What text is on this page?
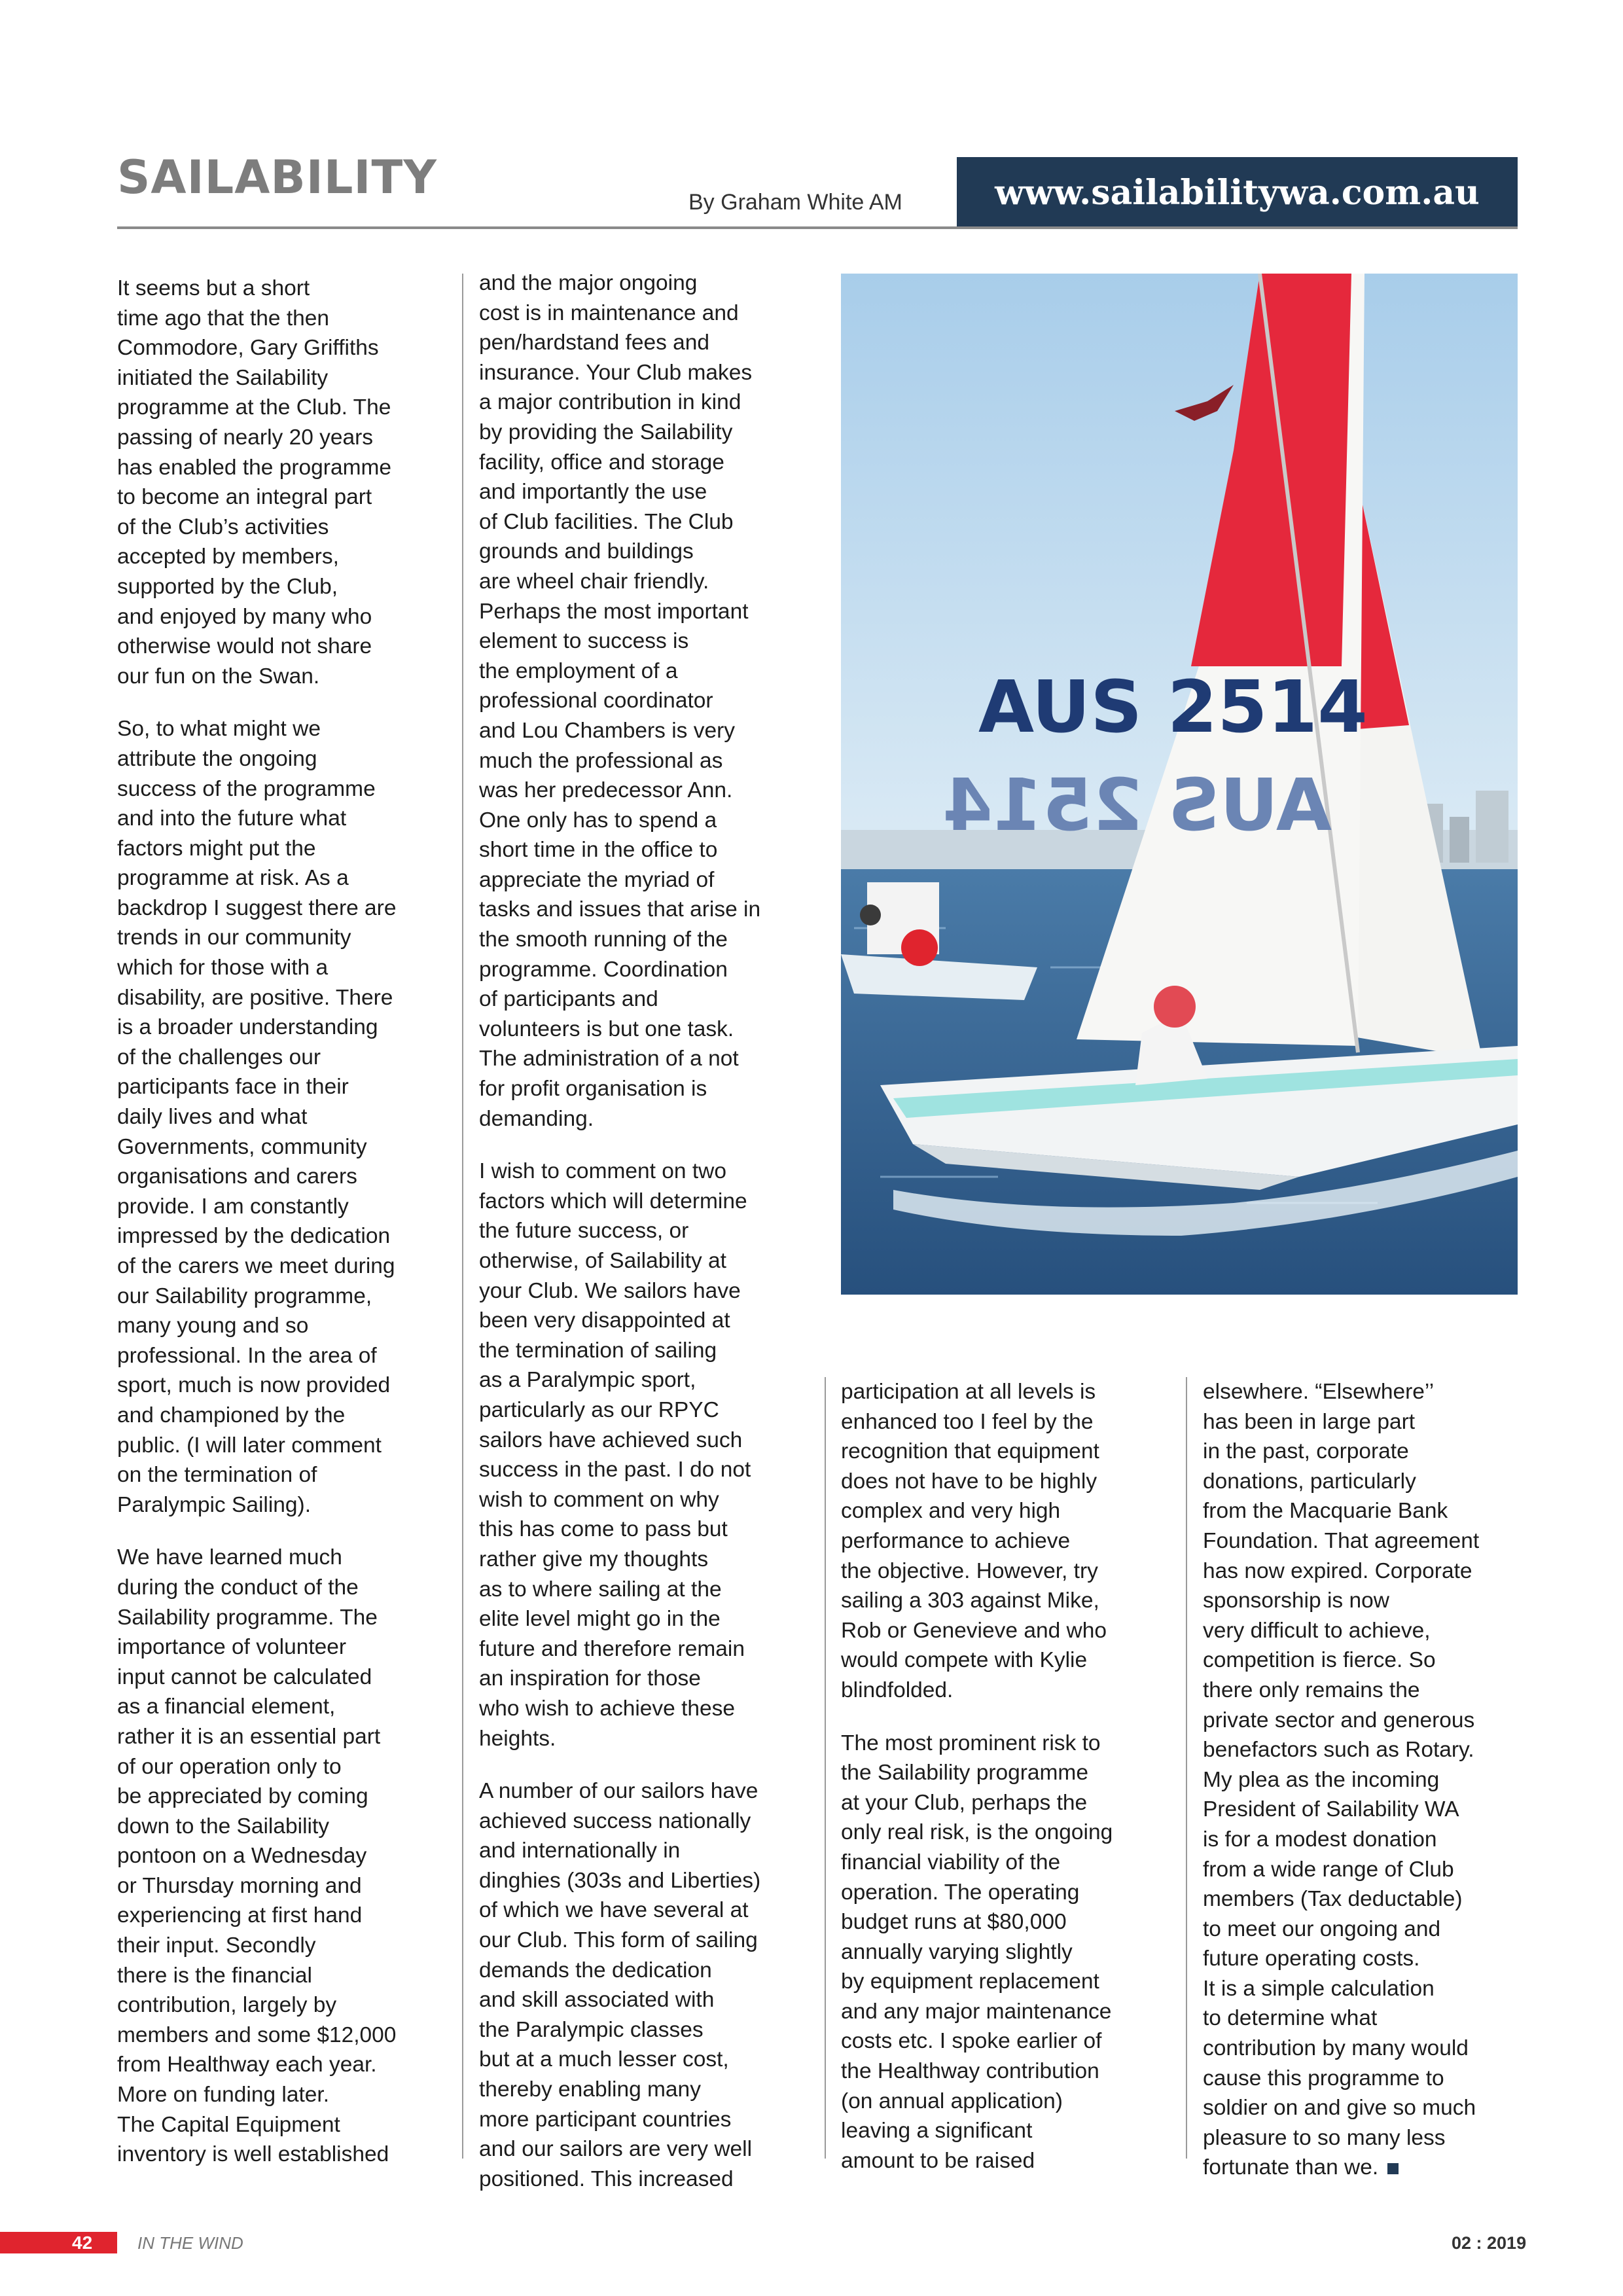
SAILABILITY	By Graham White AM	www.sailabilitywa.com.au

It seems but a short
time ago that the then
Commodore, Gary Griffiths
initiated the Sailability
programme at the Club. The
passing of nearly 20 years
has enabled the programme
to become an integral part
of the Club’s activities
accepted by members,
supported by the Club,
and enjoyed by many who
otherwise would not share
our fun on the Swan.

So, to what might we
attribute the ongoing
success of the programme
and into the future what
factors might put the
programme at risk. As a
backdrop I suggest there are
trends in our community
which for those with a
disability, are positive. There
is a broader understanding
of the challenges our
participants face in their
daily lives and what
Governments, community
organisations and carers
provide. I am constantly
impressed by the dedication
of the carers we meet during
our Sailability programme,
many young and so
professional. In the area of
sport, much is now provided
and championed by the
public. (I will later comment
on the termination of
Paralympic Sailing).

We have learned much
during the conduct of the
Sailability programme. The
importance of volunteer
input cannot be calculated
as a financial element,
rather it is an essential part
of our operation only to
be appreciated by coming
down to the Sailability
pontoon on a Wednesday
or Thursday morning and
experiencing at first hand
their input. Secondly
there is the financial
contribution, largely by
members and some $12,000
from Healthway each year.
More on funding later.
The Capital Equipment
inventory is well established

and the major ongoing
cost is in maintenance and
pen/hardstand fees and
insurance. Your Club makes
a major contribution in kind
by providing the Sailability
facility, office and storage
and importantly the use
of Club facilities. The Club
grounds and buildings
are wheel chair friendly.
Perhaps the most important
element to success is
the employment of a
professional coordinator
and Lou Chambers is very
much the professional as
was her predecessor Ann.
One only has to spend a
short time in the office to
appreciate the myriad of
tasks and issues that arise in
the smooth running of the
programme. Coordination
of participants and
volunteers is but one task.
The administration of a not
for profit organisation is
demanding.

I wish to comment on two
factors which will determine
the future success, or
otherwise, of Sailability at
your Club. We sailors have
been very disappointed at
the termination of sailing
as a Paralympic sport,
particularly as our RPYC
sailors have achieved such
success in the past. I do not
wish to comment on why
this has come to pass but
rather give my thoughts
as to where sailing at the
elite level might go in the
future and therefore remain
an inspiration for those
who wish to achieve these
heights.

A number of our sailors have
achieved success nationally
and internationally in
dinghies (303s and Liberties)
of which we have several at
our Club. This form of sailing
demands the dedication
and skill associated with
the Paralympic classes
but at a much lesser cost,
thereby enabling many
more participant countries
and our sailors are very well
positioned. This increased

AUS 2514
AUS 2514

participation at all levels is
enhanced too I feel by the
recognition that equipment
does not have to be highly
complex and very high
performance to achieve
the objective. However, try
sailing a 303 against Mike,
Rob or Genevieve and who
would compete with Kylie
blindfolded.

The most prominent risk to
the Sailability programme
at your Club, perhaps the
only real risk, is the ongoing
financial viability of the
operation. The operating
budget runs at $80,000
annually varying slightly
by equipment replacement
and any major maintenance
costs etc. I spoke earlier of
the Healthway contribution
(on annual application)
leaving a significant
amount to be raised

elsewhere. “Elsewhere’’
has been in large part
in the past, corporate
donations, particularly
from the Macquarie Bank
Foundation. That agreement
has now expired. Corporate
sponsorship is now
very difficult to achieve,
competition is fierce. So
there only remains the
private sector and generous
benefactors such as Rotary.
My plea as the incoming
President of Sailability WA
is for a modest donation
from a wide range of Club
members (Tax deductable)
to meet our ongoing and
future operating costs.
It is a simple calculation
to determine what
contribution by many would
cause this programme to
soldier on and give so much
pleasure to so many less
fortunate than we.

42	IN THE WIND	02 : 2019
